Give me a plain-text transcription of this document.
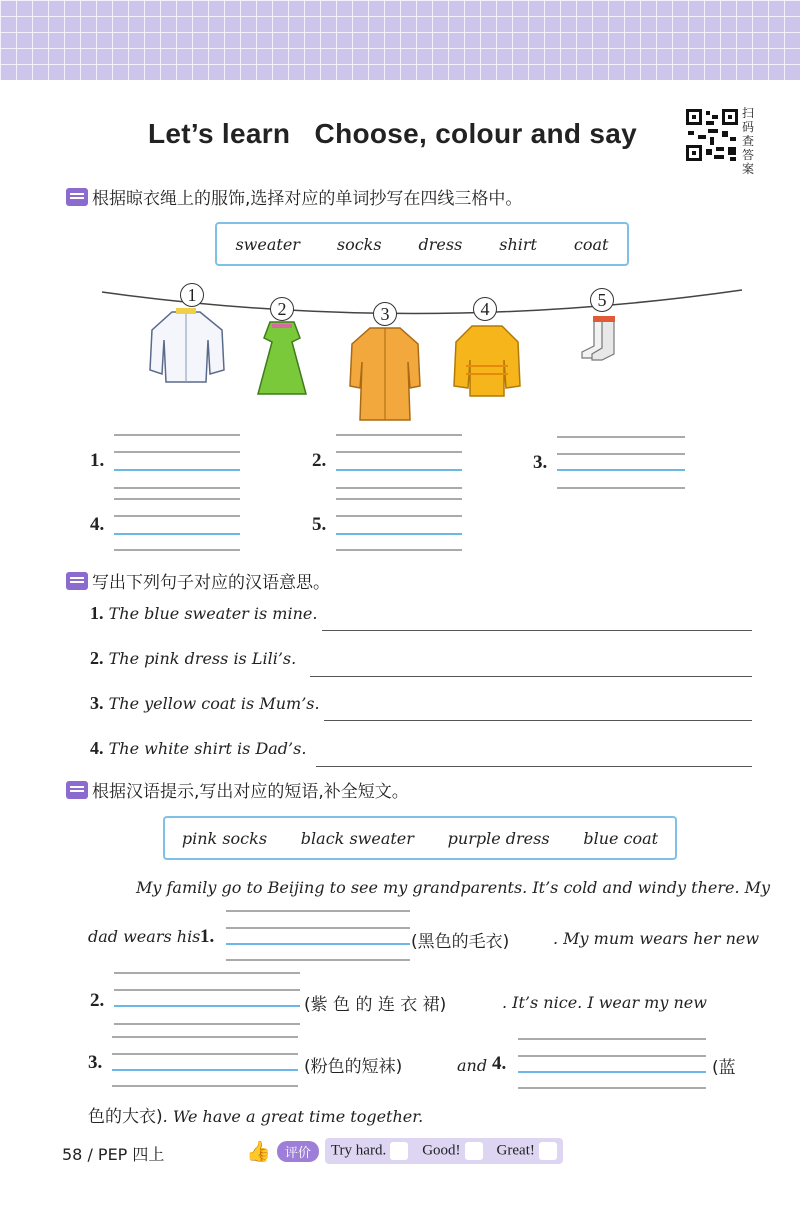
Let’s learn   Choose, colour and say
扫
码
查
答
案
根据晾衣绳上的服饰,选择对应的单词抄写在四线三格中。
sweater socks dress shirt coat
1
2	3	4	5
1.	2.	3.
4.	5.
写出下列句子对应的汉语意思。
1. The blue sweater is mine.
2. The pink dress is Lili’s.
3. The yellow coat is Mum’s.
4. The white shirt is Dad’s.
根据汉语提示,写出对应的短语,补全短文。
pink socks black sweater purple dress blue coat
My family go to Beijing to see my grandparents. It’s cold and windy there. My
dad wears his 1.	(黑色的毛衣)	. My mum wears her new
2.	(紫 色 的 连 衣 裙)	. It’s nice. I wear my new
3.	(粉色的短袜)	and 4.	(蓝
色的大衣). We have a great time together.
58 / PEP 四上	👍	评价	Try hard.	Good!	Great!
